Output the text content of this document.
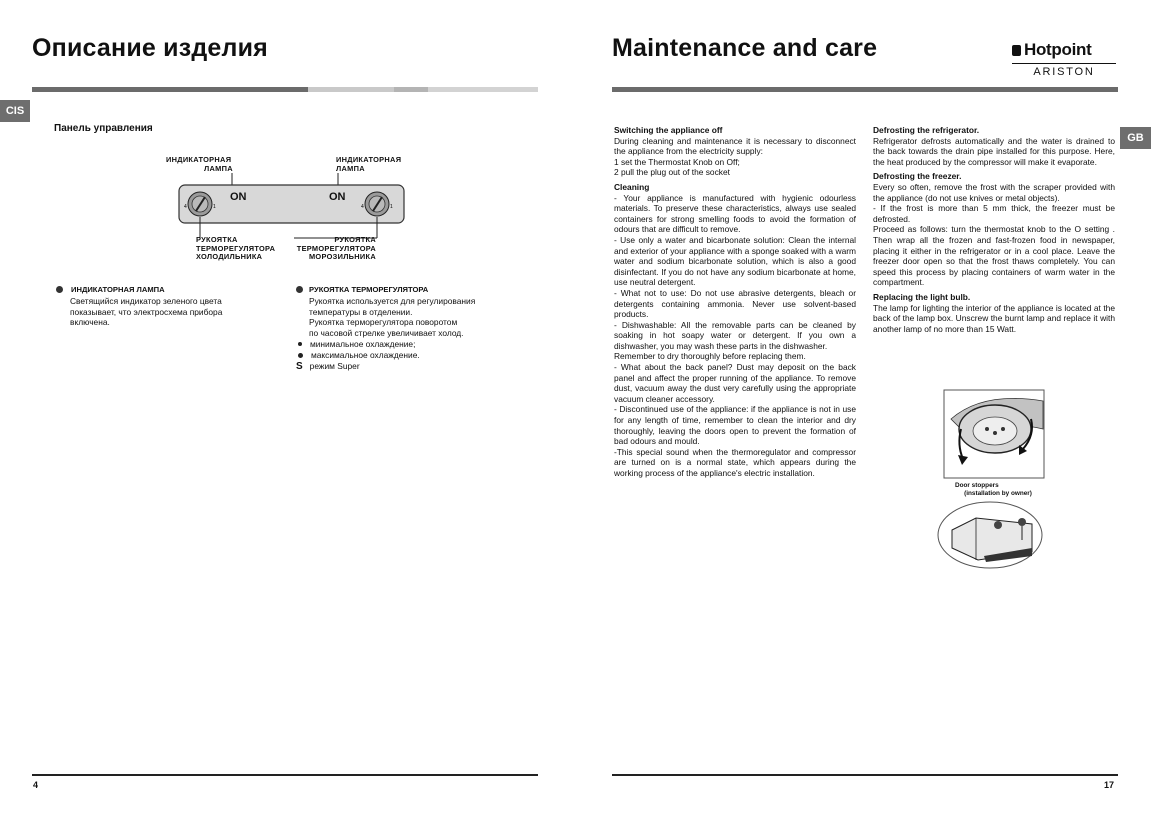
Описание изделия
CIS
Панель управления
ИНДИКАТОРНАЯ
ЛАМПА
ИНДИКАТОРНАЯ
ЛАМПА
4	1	4	1
ON	ON
РУКОЯТКА
ТЕРМОРЕГУЛЯТОРА
ХОЛОДИЛЬНИКА
РУКОЯТКА
ТЕРМОРЕГУЛЯТОРА
МОРОЗИЛЬНИКА
ИНДИКАТОРНАЯ ЛАМПА
Светящийся индикатор зеленого цвета
показывает, что электросхема прибора
включена.
РУКОЯТКА ТЕРМОРЕГУЛЯТОРА
Рукоятка используется для регулирования
температуры в отделении.
Рукоятка терморегулятора поворотом
по часовой стрелке увеличивает холод.
минимальное охлаждение;
максимальное охлаждение.
S режим Super
4
Maintenance and care	Hotpoint
ARISTON
GB

Switching the appliance off

During cleaning and maintenance it is necessary to disconnect the appliance from the electricity supply:

1 set the Thermostat Knob on Off;

2 pull the plug out of the socket

Cleaning

- Your appliance is manufactured with hygienic odourless materials. To preserve these characteristics, always use sealed containers for strong smelling foods to avoid the formation of odours that are difficult to remove.

- Use only a water and bicarbonate solution: Clean the internal and exterior of your appliance with a sponge soaked with a warm water and sodium bicarbonate solution, which is also a good disinfectant. If you do not have any sodium bicarbonate at home, use neutral detergent.

- What not to use: Do not use abrasive detergents, bleach or detergents containing ammonia. Never use solvent-based products.

- Dishwashable: All the removable parts can be cleaned by soaking in hot soapy water or detergent. If you own a dishwasher, you may wash these parts in the dishwasher.

Remember to dry thoroughly before replacing them.

- What about the back panel? Dust may deposit on the back panel and affect the proper running of the appliance. To remove dust, vacuum away the dust very carefully using the appropriate vacuum cleaner accessory.

- Discontinued use of the appliance: if the appliance is not in use for any length of time, remember to clean the interior and dry thoroughly, leaving the doors open to prevent the formation of bad odours and mould.

-This special sound when the thermoregulator and compressor are turned on is a normal state, which appears during the working process of the appliance's electric installation.

Defrosting the refrigerator.

Refrigerator defrosts automatically and the water is drained to the back towards the drain pipe installed for this purpose. Here, the heat produced by the compressor will make it evaporate.

Defrosting the freezer.

Every so often, remove the frost with the scraper provided with the appliance (do not use knives or metal objects).

- If the frost is more than 5 mm thick, the freezer must be defrosted.

Proceed as follows: turn the thermostat knob to the O setting . Then wrap all the frozen and fast-frozen food in newspaper, placing it either in the refrigerator or in a cool place. Leave the freezer door open so that the frost thaws completely. You can speed this process by placing containers of warm water in the compartment.

Replacing the light bulb.

The lamp for lighting the interior of the appliance is located at the back of the lamp box. Unscrew the burnt lamp and replace it with another lamp of no more than 15 Watt.

Door stoppers
(installation by owner)
17
